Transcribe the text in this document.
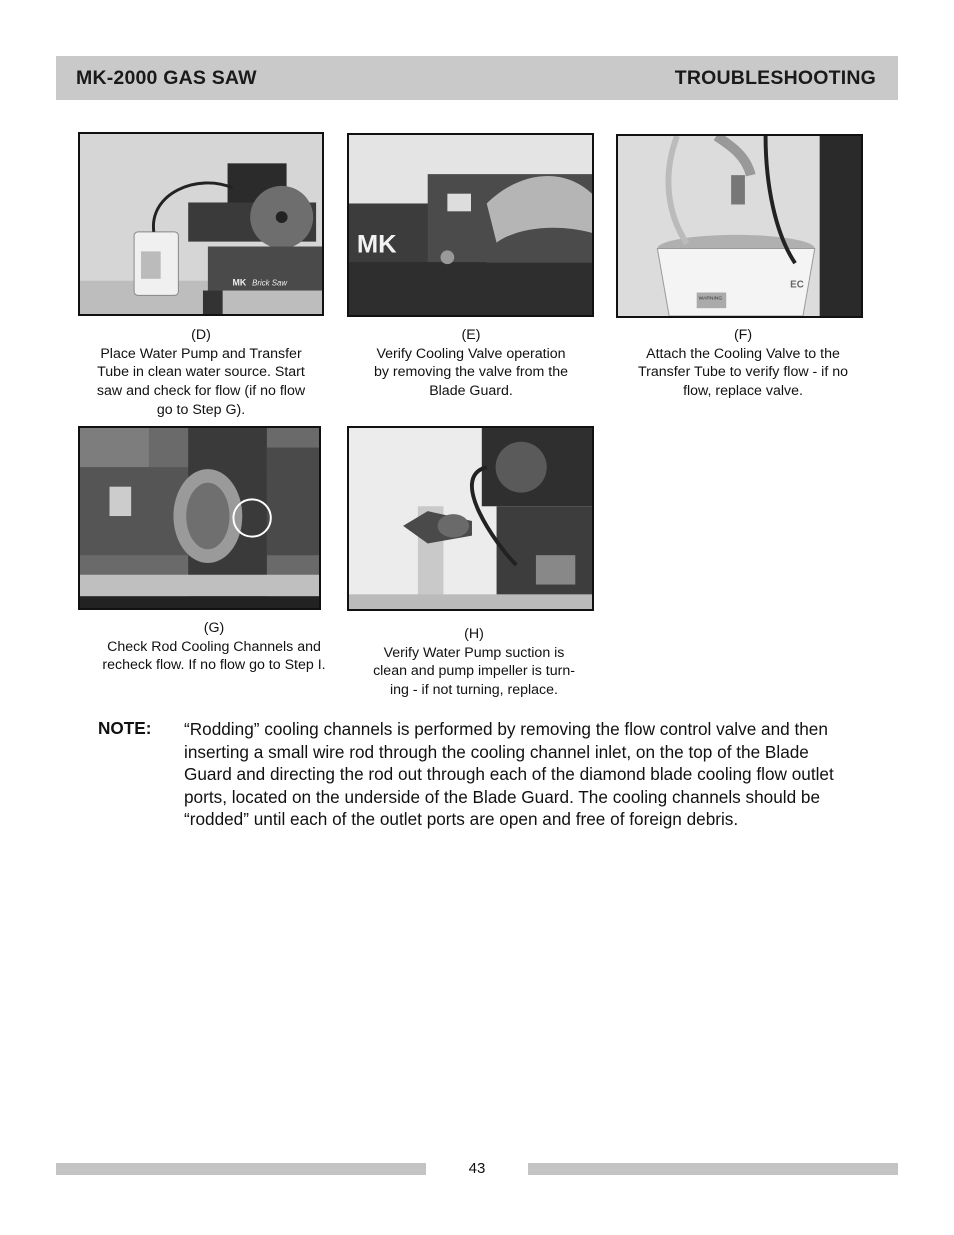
MK-2000 GAS SAW	TROUBLESHOOTING
MK Brick Saw
(D)
Place Water Pump and Transfer
Tube in clean water source. Start
saw and check for flow (if no flow
go to Step G).
MK
(E)
Verify Cooling Valve operation
by removing the valve from the
Blade Guard.
WARNING
EC
(F)
Attach the Cooling Valve to the
Transfer Tube to verify flow - if no
flow, replace valve.
(G)
Check Rod Cooling Channels and
recheck flow. If no flow go to Step I.
(H)
Verify Water Pump suction is
clean and pump impeller is turn-
ing - if not turning, replace.
NOTE: “Rodding” cooling channels is performed by removing the flow control valve and then
inserting a small wire rod through the cooling channel inlet, on the top of the Blade
Guard and directing the rod out through each of the diamond blade cooling flow outlet
ports, located on the underside of the Blade Guard. The cooling channels should be
“rodded” until each of the outlet ports are open and free of foreign debris.
43
